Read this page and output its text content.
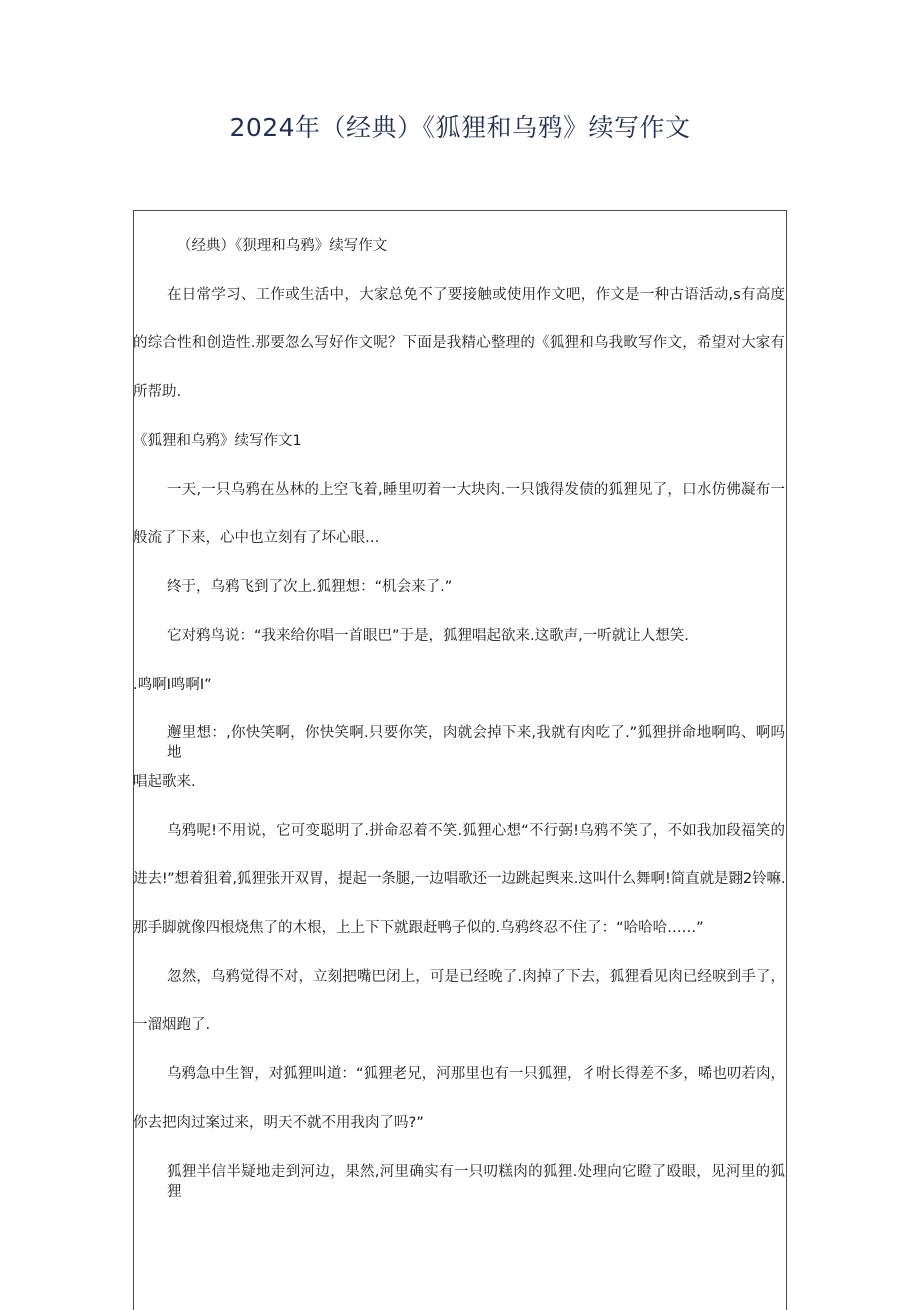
2024年（经典）《狐狸和乌鸦》续写作文
（经典）《狈理和乌鸦》续写作文
在日常学习、工作或生活中，大家总免不了要接触或使用作文吧，作文是一种古语活动,s有高度
的综合性和创造性.那要忽么写好作文呢？下面是我精心整理的《狐狸和乌我畋写作文，希望对大家有
所帮助.
《狐狸和乌鸦》续写作文1
一天,一只乌鸦在丛林的上空飞着,睡里叨着一大块肉.一只饿得发债的狐狸见了，口水仿佛凝布一
般流了下来，心中也立刻有了坏心眼…
终于，乌鸦飞到了次上.狐狸想：“机会来了.”
它对鸦鸟说：“我来给你唱一首眼巴”于是，狐狸唱起欲来.这歌声,一听就让人想笑.
.鸣啊I鸣啊I”
邂里想：,你快笑啊，你快笑啊.只要你笑，肉就会掉下来,我就有肉吃了.”狐狸拼命地啊呜、啊吗地
唱起歌来.
乌鸦呢!不用说，它可变聪明了.拼命忍着不笑.狐狸心想“不行弼!乌鸦不笑了，不如我加段福笑的
进去!”想着狙着,狐狸张开双胃，提起一条腿,一边唱歌还一边跳起舆来.这叫什么舞啊!简直就是翾2铃嘛.
那手脚就像四根烧焦了的木根，上上下下就跟赶鸭子似的.乌鸦终忍不住了：“哈哈哈……”
忽然，乌鸦觉得不对，立刻把嘴巴闭上，可是已经晚了.肉掉了下去，狐狸看见肉已经唳到手了，
一溜烟跑了.
乌鸦急中生智，对狐狸叫道：“狐狸老兄，河那里也有一只狐狸，彳咐长得差不多，唏也叨若肉，
你去把肉过案过来，明天不就不用我肉了吗?”
狐狸半信半疑地走到河边，果然,河里确实有一只叨糕肉的狐狸.处理向它瞪了殴眼，见河里的狐狸
